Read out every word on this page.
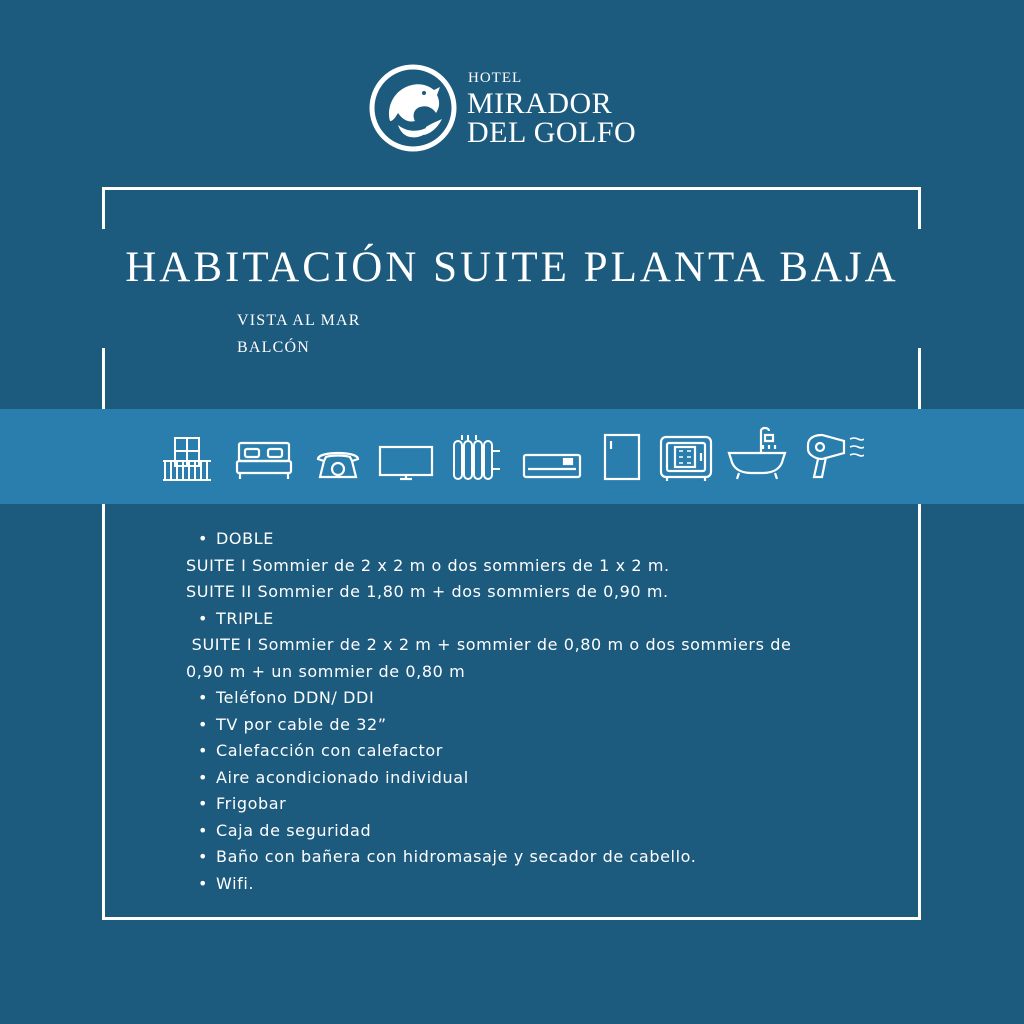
HOTEL
MIRADOR
DEL GOLFO
HABITACIÓN SUITE PLANTA BAJA
VISTA AL MAR
BALCÓN
• DOBLE
SUITE I Sommier de 2 x 2 m o dos sommiers de 1 x 2 m.
SUITE II Sommier de 1,80 m + dos sommiers de 0,90 m.
• TRIPLE
SUITE I Sommier de 2 x 2 m + sommier de 0,80 m o dos sommiers de
0,90 m + un sommier de 0,80 m
• Teléfono DDN/ DDI
• TV por cable de 32”
• Calefacción con calefactor
• Aire acondicionado individual
• Frigobar
• Caja de seguridad
• Baño con bañera con hidromasaje y secador de cabello.
• Wifi.
